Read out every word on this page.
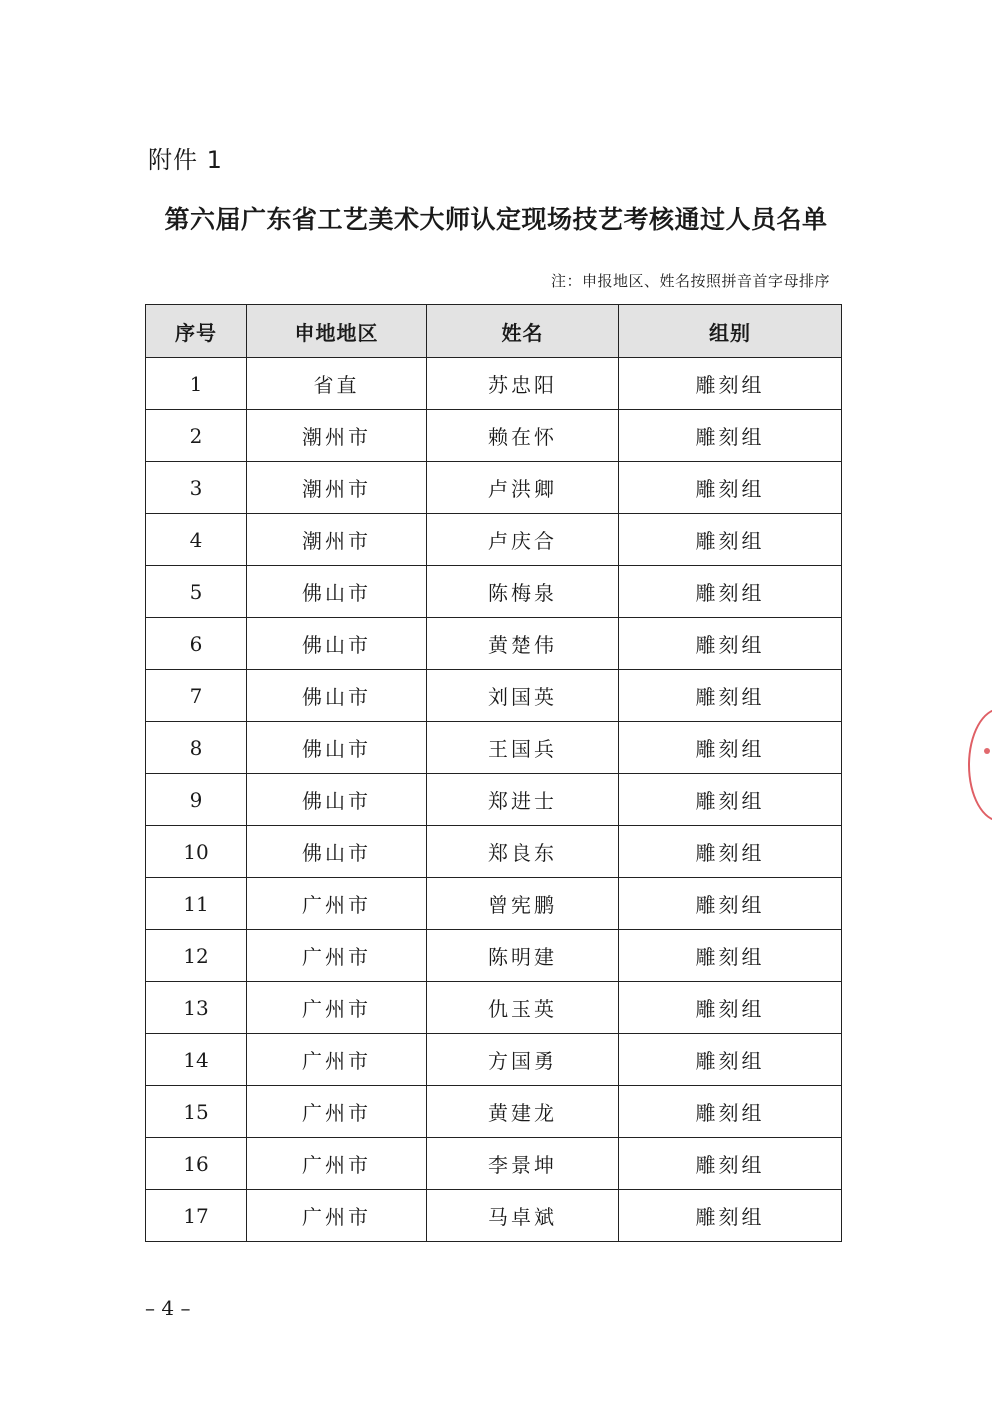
附件 1
第六届广东省工艺美术大师认定现场技艺考核通过人员名单
注：申报地区、姓名按照拼音首字母排序
序号	申地地区	姓名	组别
1	省直	苏忠阳	雕刻组
2	潮州市	赖在怀	雕刻组
3	潮州市	卢洪卿	雕刻组
4	潮州市	卢庆合	雕刻组
5	佛山市	陈梅泉	雕刻组
6	佛山市	黄楚伟	雕刻组
7	佛山市	刘国英	雕刻组
8	佛山市	王国兵	雕刻组
9	佛山市	郑进士	雕刻组
10	佛山市	郑良东	雕刻组
11	广州市	曾宪鹏	雕刻组
12	广州市	陈明建	雕刻组
13	广州市	仇玉英	雕刻组
14	广州市	方国勇	雕刻组
15	广州市	黄建龙	雕刻组
16	广州市	李景坤	雕刻组
17	广州市	马卓斌	雕刻组
– 4 –
